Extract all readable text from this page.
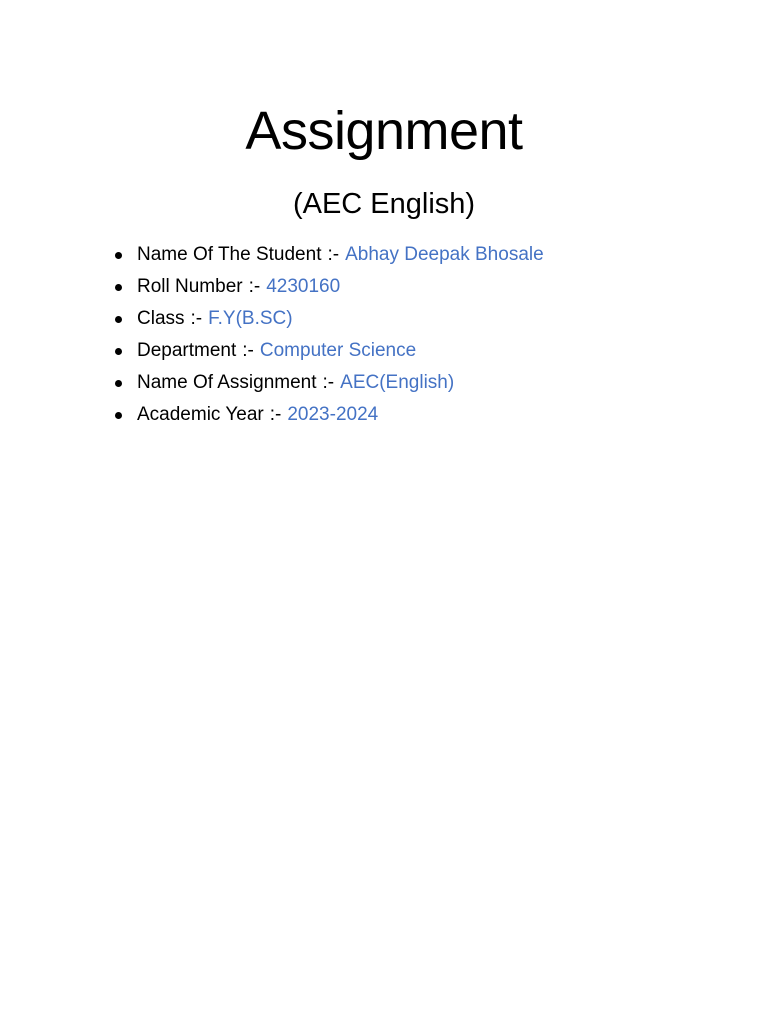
Assignment

(AEC English)

Name Of The Student :- Abhay Deepak Bhosale
Roll Number :- 4230160
Class :- F.Y(B.SC)
Department :- Computer Science
Name Of Assignment :- AEC(English)
Academic Year :- 2023-2024
